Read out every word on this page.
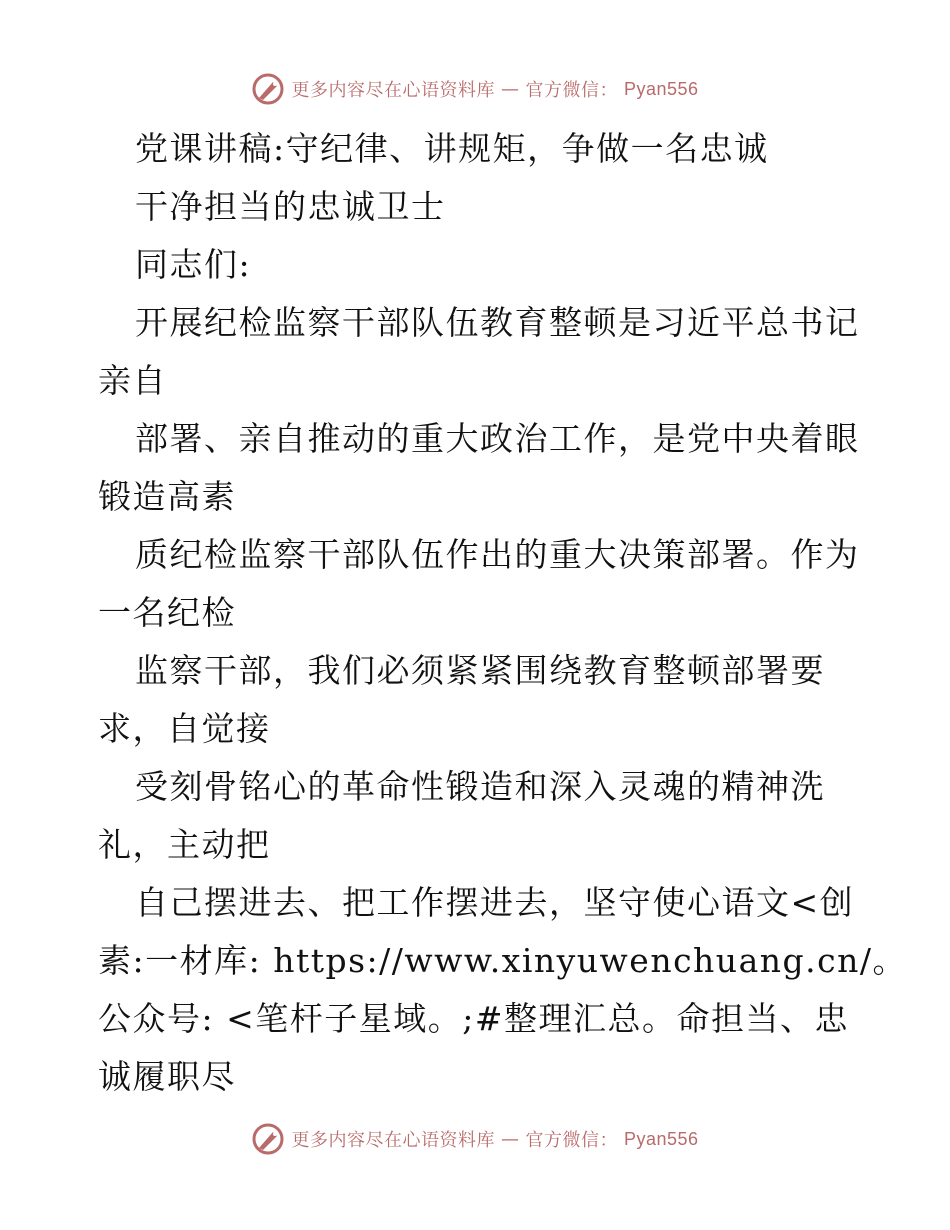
更多内容尽在心语资料库 — 官方微信： Pyan556
党课讲稿:守纪律、讲规矩，争做一名忠诚
干净担当的忠诚卫士
同志们:
开展纪检监察干部队伍教育整顿是习近平总书记
亲自
部署、亲自推动的重大政治工作，是党中央着眼
锻造高素
质纪检监察干部队伍作出的重大决策部署。作为
一名纪检
监察干部，我们必须紧紧围绕教育整顿部署要
求，自觉接
受刻骨铭心的革命性锻造和深入灵魂的精神洗
礼，主动把
自己摆进去、把工作摆进去，坚守使心语文<创
素:一材库: https://www.xinyuwenchuang.cn/。
公众号: <笔杆子星域。;#整理汇总。命担当、忠
诚履职尽
更多内容尽在心语资料库 — 官方微信： Pyan556
